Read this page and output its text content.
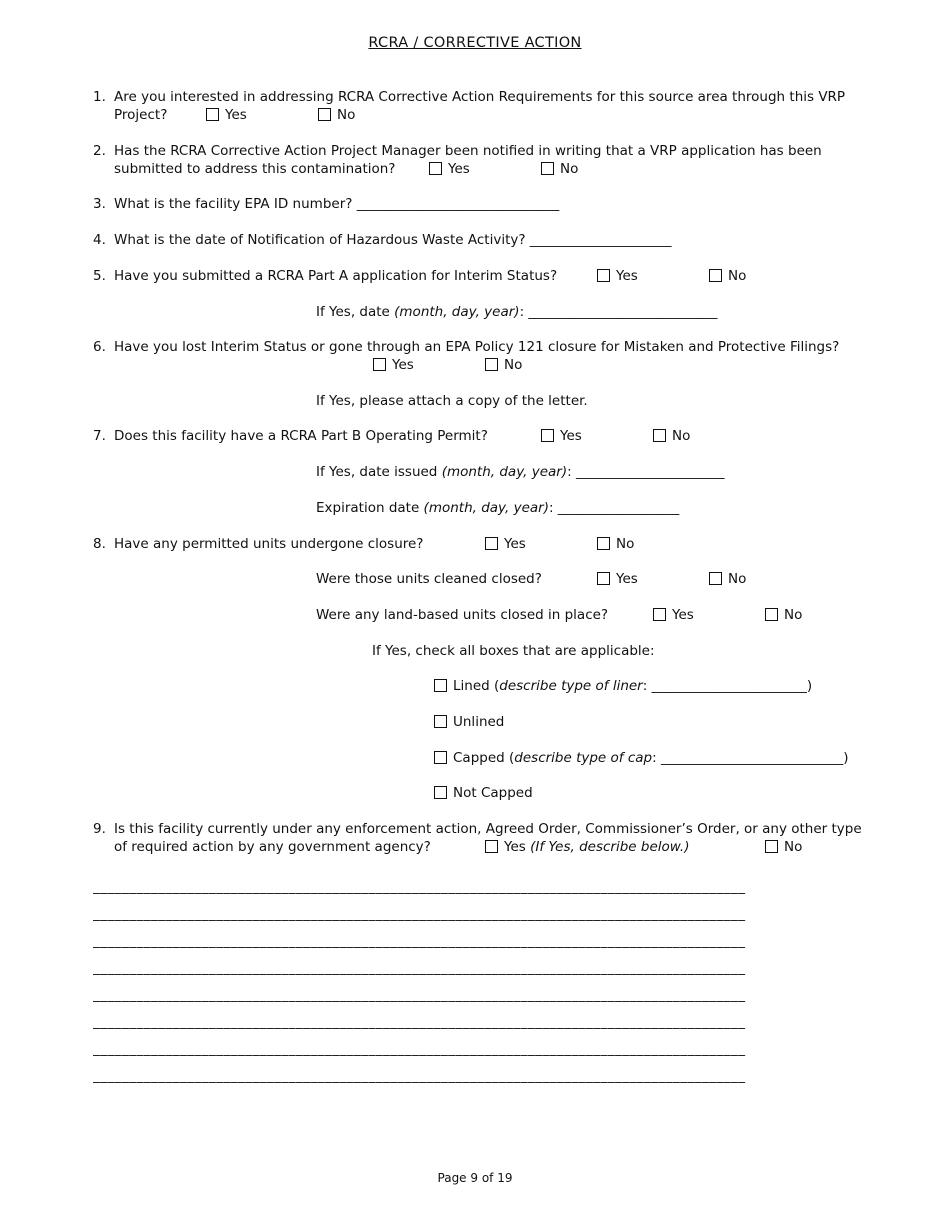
RCRA / CORRECTIVE ACTION
1. Are you interested in addressing RCRA Corrective Action Requirements for this source area through this VRP
Project?	Yes	No
2. Has the RCRA Corrective Action Project Manager been notified in writing that a VRP application has been
submitted to address this contamination?	Yes	No
3. What is the facility EPA ID number? ______________________________
4. What is the date of Notification of Hazardous Waste Activity? _____________________
5. Have you submitted a RCRA Part A application for Interim Status?	Yes	No
If Yes, date (month, day, year): ____________________________
6. Have you lost Interim Status or gone through an EPA Policy 121 closure for Mistaken and Protective Filings?
Yes	No
If Yes, please attach a copy of the letter.
7. Does this facility have a RCRA Part B Operating Permit?	Yes	No
If Yes, date issued (month, day, year): ______________________
Expiration date (month, day, year): __________________
8. Have any permitted units undergone closure?	Yes	No
Were those units cleaned closed?	Yes	No
Were any land-based units closed in place?	Yes	No
If Yes, check all boxes that are applicable:
Lined (describe type of liner: _______________________)
Unlined
Capped (describe type of cap: ___________________________)
Not Capped
9. Is this facility currently under any enforcement action, Agreed Order, Commissioner’s Order, or any other type
of required action by any government agency?	Yes (If Yes, describe below.)	No
__________________________________________________________________________________________
__________________________________________________________________________________________
__________________________________________________________________________________________
__________________________________________________________________________________________
__________________________________________________________________________________________
__________________________________________________________________________________________
__________________________________________________________________________________________
__________________________________________________________________________________________
Page 9 of 19
